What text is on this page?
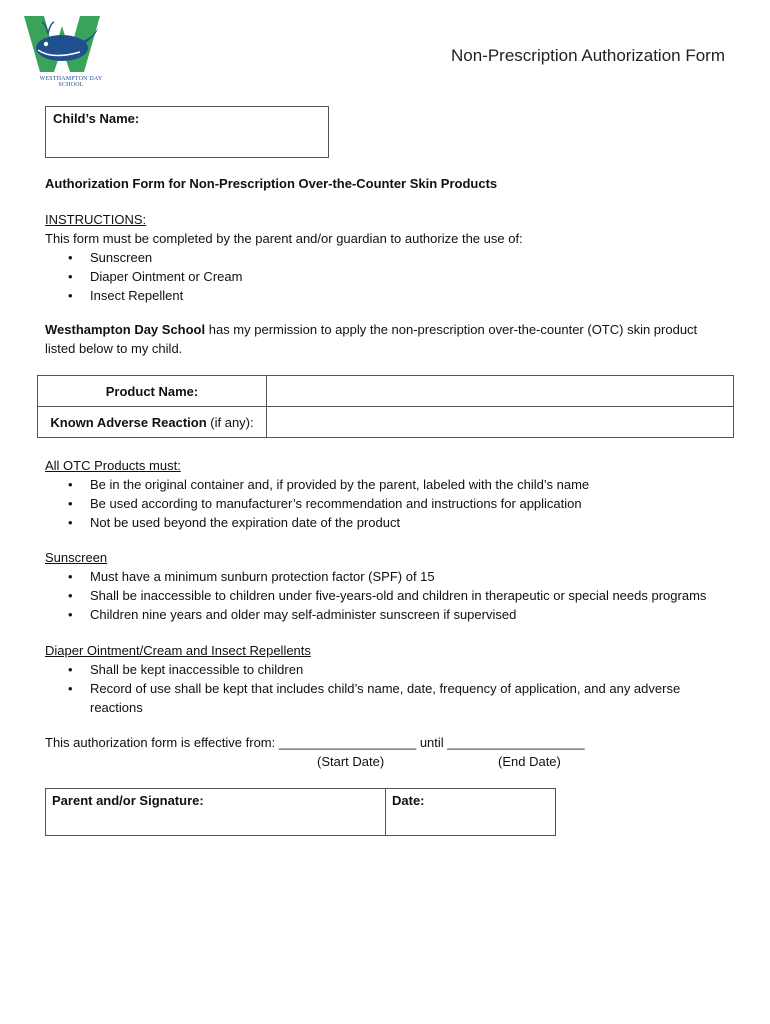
WESTHAMPTON DAY SCHOOL
Non-Prescription Authorization Form
Child’s Name:
Authorization Form for Non-Prescription Over-the-Counter Skin Products
INSTRUCTIONS:
This form must be completed by the parent and/or guardian to authorize the use of:
• Sunscreen
• Diaper Ointment or Cream
• Insect Repellent
Westhampton Day School has my permission to apply the non-prescription over-the-counter (OTC) skin product
listed below to my child.
Product Name:	
Known Adverse Reaction (if any):	
All OTC Products must:
• Be in the original container and, if provided by the parent, labeled with the child’s name
• Be used according to manufacturer’s recommendation and instructions for application
• Not be used beyond the expiration date of the product
Sunscreen
• Must have a minimum sunburn protection factor (SPF) of 15
• Shall be inaccessible to children under five-years-old and children in therapeutic or special needs programs
• Children nine years and older may self-administer sunscreen if supervised
Diaper Ointment/Cream and Insect Repellents
• Shall be kept inaccessible to children
• Record of use shall be kept that includes child’s name, date, frequency of application, and any adverse
reactions
This authorization form is effective from: ___________________ until ___________________
(Start Date)	(End Date)
Parent and/or Signature:	Date:
